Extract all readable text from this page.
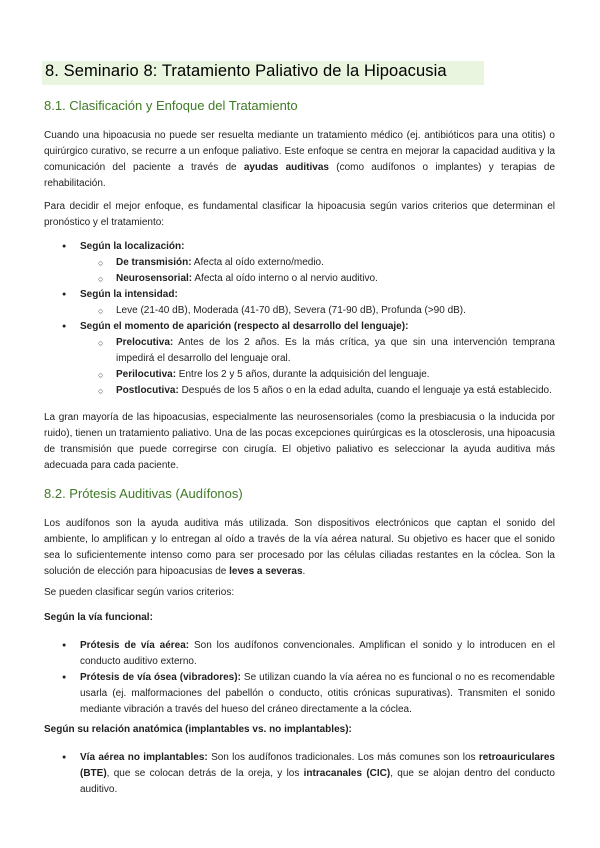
8. Seminario 8: Tratamiento Paliativo de la Hipoacusia
8.1. Clasificación y Enfoque del Tratamiento

Cuando una hipoacusia no puede ser resuelta mediante un tratamiento médico (ej. antibióticos para una otitis) o quirúrgico curativo, se recurre a un enfoque paliativo. Este enfoque se centra en mejorar la capacidad auditiva y la comunicación del paciente a través de ayudas auditivas (como audífonos o implantes) y terapias de rehabilitación.

Para decidir el mejor enfoque, es fundamental clasificar la hipoacusia según varios criterios que determinan el pronóstico y el tratamiento:

● Según la localización:
○ De transmisión: Afecta al oído externo/medio.
○ Neurosensorial: Afecta al oído interno o al nervio auditivo.
● Según la intensidad:
○ Leve (21-40 dB), Moderada (41-70 dB), Severa (71-90 dB), Profunda (>90 dB).
● Según el momento de aparición (respecto al desarrollo del lenguaje):
○ Prelocutiva: Antes de los 2 años. Es la más crítica, ya que sin una intervención temprana impedirá el desarrollo del lenguaje oral.
○ Perilocutiva: Entre los 2 y 5 años, durante la adquisición del lenguaje.
○ Postlocutiva: Después de los 5 años o en la edad adulta, cuando el lenguaje ya está establecido.

La gran mayoría de las hipoacusias, especialmente las neurosensoriales (como la presbiacusia o la inducida por ruido), tienen un tratamiento paliativo. Una de las pocas excepciones quirúrgicas es la otosclerosis, una hipoacusia de transmisión que puede corregirse con cirugía. El objetivo paliativo es seleccionar la ayuda auditiva más adecuada para cada paciente.

8.2. Prótesis Auditivas (Audífonos)

Los audífonos son la ayuda auditiva más utilizada. Son dispositivos electrónicos que captan el sonido del ambiente, lo amplifican y lo entregan al oído a través de la vía aérea natural. Su objetivo es hacer que el sonido sea lo suficientemente intenso como para ser procesado por las células ciliadas restantes en la cóclea. Son la solución de elección para hipoacusias de leves a severas.

Se pueden clasificar según varios criterios:

Según la vía funcional:

● Prótesis de vía aérea: Son los audífonos convencionales. Amplifican el sonido y lo introducen en el conducto auditivo externo.
● Prótesis de vía ósea (vibradores): Se utilizan cuando la vía aérea no es funcional o no es recomendable usarla (ej. malformaciones del pabellón o conducto, otitis crónicas supurativas). Transmiten el sonido mediante vibración a través del hueso del cráneo directamente a la cóclea.

Según su relación anatómica (implantables vs. no implantables):

● Vía aérea no implantables: Son los audífonos tradicionales. Los más comunes son los retroauriculares (BTE), que se colocan detrás de la oreja, y los intracanales (CIC), que se alojan dentro del conducto auditivo.
